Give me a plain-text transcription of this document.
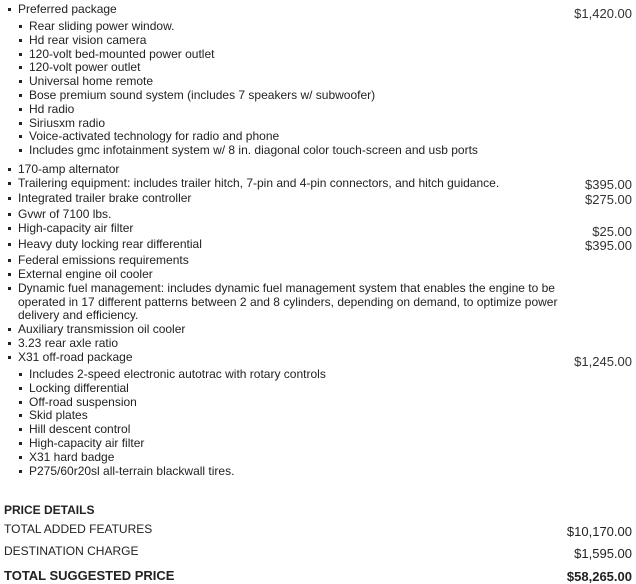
Preferred package	$1,420.00
Rear sliding power window.
Hd rear vision camera
120-volt bed-mounted power outlet
120-volt power outlet
Universal home remote
Bose premium sound system (includes 7 speakers w/ subwoofer)
Hd radio
Siriusxm radio
Voice-activated technology for radio and phone
Includes gmc infotainment system w/ 8 in. diagonal color touch-screen and usb ports
170-amp alternator
Trailering equipment: includes trailer hitch, 7-pin and 4-pin connectors, and hitch guidance.	$395.00
Integrated trailer brake controller	$275.00
Gvwr of 7100 lbs.
High-capacity air filter	$25.00
Heavy duty locking rear differential	$395.00
Federal emissions requirements
External engine oil cooler
Dynamic fuel management: includes dynamic fuel management system that enables the engine to be operated in 17 different patterns between 2 and 8 cylinders, depending on demand, to optimize power delivery and efficiency.
Auxiliary transmission oil cooler
3.23 rear axle ratio
X31 off-road package	$1,245.00
Includes 2-speed electronic autotrac with rotary controls
Locking differential
Off-road suspension
Skid plates
Hill descent control
High-capacity air filter
X31 hard badge
P275/60r20sl all-terrain blackwall tires.
PRICE DETAILS
TOTAL ADDED FEATURES	$10,170.00
DESTINATION CHARGE	$1,595.00
TOTAL SUGGESTED PRICE	$58,265.00
